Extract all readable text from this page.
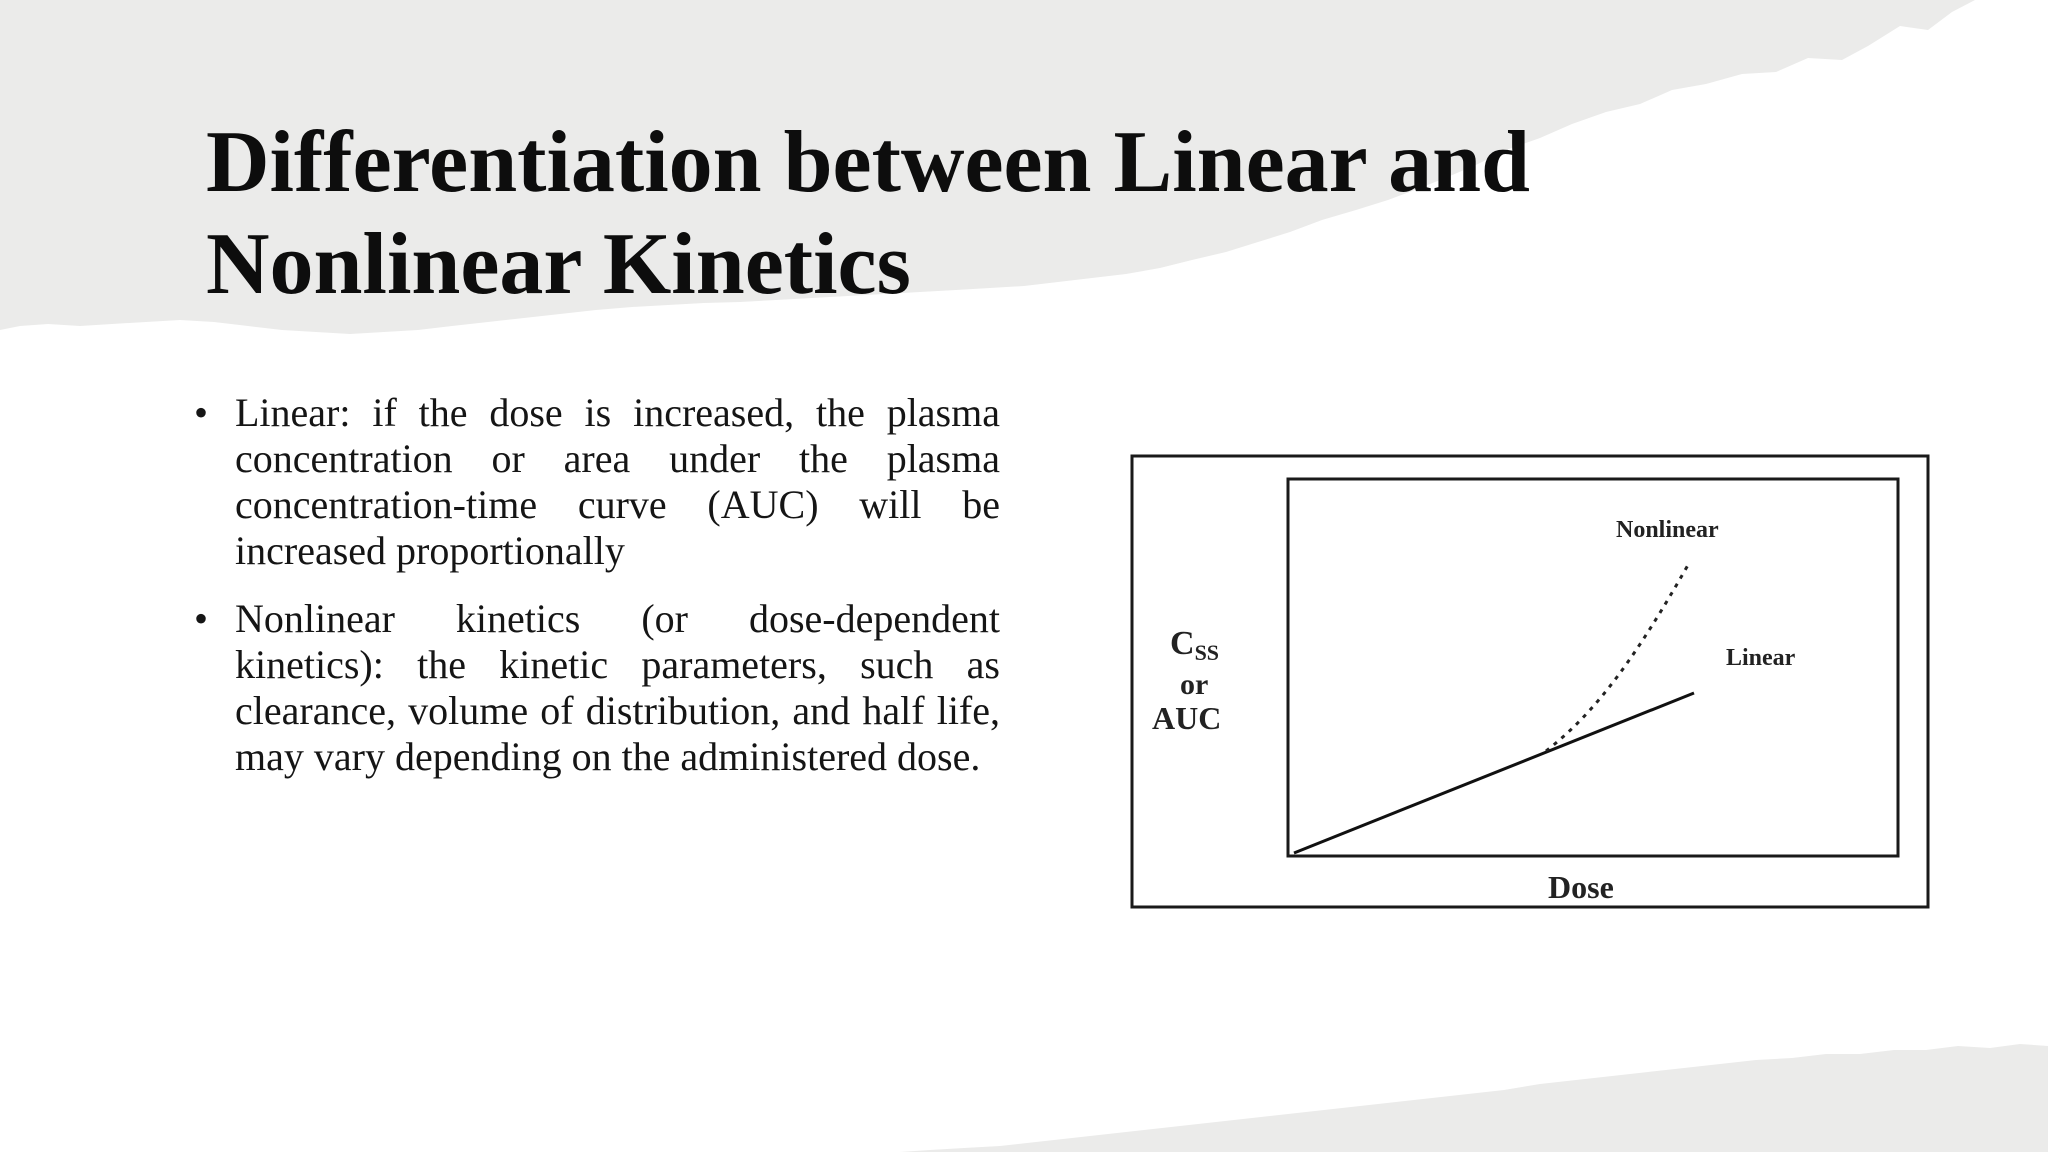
Differentiation between Linear and Nonlinear Kinetics
• Linear: if the dose is increased, the plasma concentration or area under the plasma concentration-time curve (AUC) will be increased proportionally
• Nonlinear kinetics (or dose-dependent kinetics): the kinetic parameters, such as clearance, volume of distribution, and half life, may vary depending on the administered dose.
Nonlinear
Linear
CSS
or
AUC
Dose
